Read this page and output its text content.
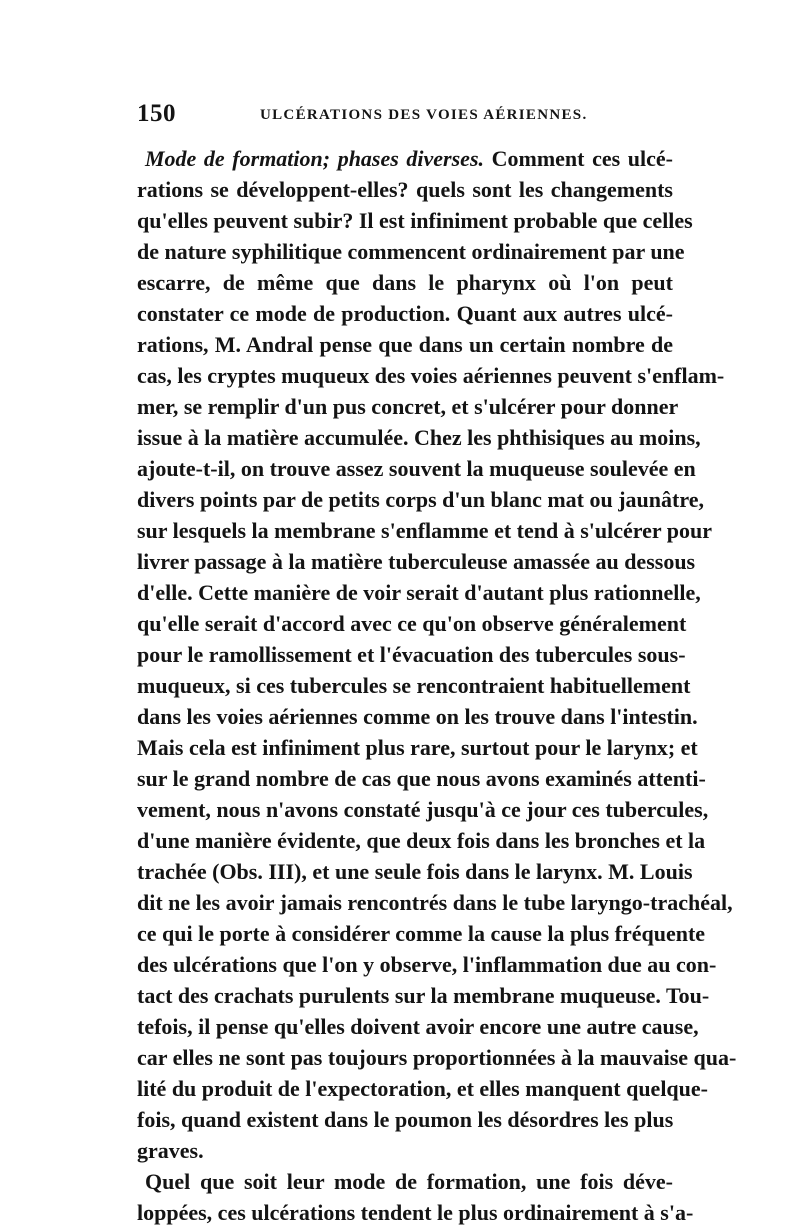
150	ULCÉRATIONS DES VOIES AÉRIENNES.
Mode de formation; phases diverses. Comment ces ulcé-
rations se développent-elles? quels sont les changements
qu'elles peuvent subir? Il est infiniment probable que celles
de nature syphilitique commencent ordinairement par une
escarre, de même que dans le pharynx où l'on peut
constater ce mode de production. Quant aux autres ulcé-
rations, M. Andral pense que dans un certain nombre de
cas, les cryptes muqueux des voies aériennes peuvent s'enflam-
mer, se remplir d'un pus concret, et s'ulcérer pour donner
issue à la matière accumulée. Chez les phthisiques au moins,
ajoute-t-il, on trouve assez souvent la muqueuse soulevée en
divers points par de petits corps d'un blanc mat ou jaunâtre,
sur lesquels la membrane s'enflamme et tend à s'ulcérer pour
livrer passage à la matière tuberculeuse amassée au dessous
d'elle. Cette manière de voir serait d'autant plus rationnelle,
qu'elle serait d'accord avec ce qu'on observe généralement
pour le ramollissement et l'évacuation des tubercules sous-
muqueux, si ces tubercules se rencontraient habituellement
dans les voies aériennes comme on les trouve dans l'intestin.
Mais cela est infiniment plus rare, surtout pour le larynx; et
sur le grand nombre de cas que nous avons examinés attenti-
vement, nous n'avons constaté jusqu'à ce jour ces tubercules,
d'une manière évidente, que deux fois dans les bronches et la
trachée (Obs. III), et une seule fois dans le larynx. M. Louis
dit ne les avoir jamais rencontrés dans le tube laryngo-trachéal,
ce qui le porte à considérer comme la cause la plus fréquente
des ulcérations que l'on y observe, l'inflammation due au con-
tact des crachats purulents sur la membrane muqueuse. Tou-
tefois, il pense qu'elles doivent avoir encore une autre cause,
car elles ne sont pas toujours proportionnées à la mauvaise qua-
lité du produit de l'expectoration, et elles manquent quelque-
fois, quand existent dans le poumon les désordres les plus
graves.
Quel que soit leur mode de formation, une fois déve-
loppées, ces ulcérations tendent le plus ordinairement à s'a-
